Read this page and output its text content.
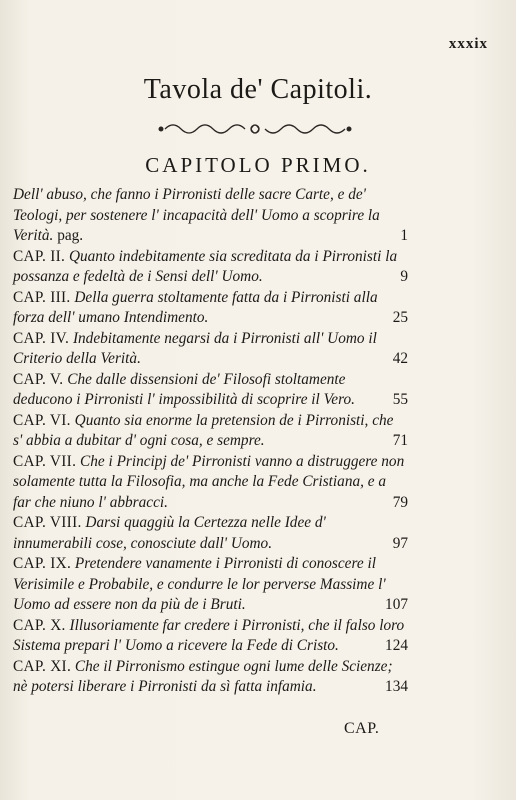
xxxix
Tavola de' Capitoli.
CAPITOLO PRIMO.

Dell' abuso, che fanno i Pirronisti delle sacre Carte, e de' Teologi, per sostenere l' incapacità dell' Uomo a scoprire la Verità. pag.	1

CAP. II. Quanto indebitamente sia screditata da i Pirronisti la possanza e fedeltà de i Sensi dell' Uomo.	9

CAP. III. Della guerra stoltamente fatta da i Pirronisti alla forza dell' umano Intendimento.	25

CAP. IV. Indebitamente negarsi da i Pirronisti all' Uomo il Criterio della Verità.	42

CAP. V. Che dalle dissensioni de' Filosofi stoltamente deducono i Pirronisti l' impossibilità di scoprire il Vero. 55

CAP. VI. Quanto sia enorme la pretension de i Pirronisti, che s' abbia a dubitar d' ogni cosa, e sempre.	71

CAP. VII. Che i Principj de' Pirronisti vanno a distruggere non solamente tutta la Filosofia, ma anche la Fede Cristiana, e a far che niuno l' abbracci.	79

CAP. VIII. Darsi quaggiù la Certezza nelle Idee d' innumerabili cose, conosciute dall' Uomo.	97

CAP. IX. Pretendere vanamente i Pirronisti di conoscere il Verisimile e Probabile, e condurre le lor perverse Massime l' Uomo ad essere non da più de i Bruti.	107

CAP. X. Illusoriamente far credere i Pirronisti, che il falso loro Sistema prepari l' Uomo a ricevere la Fede di Cristo.	124

CAP. XI. Che il Pirronismo estingue ogni lume delle Scienze; nè potersi liberare i Pirronisti da sì fatta infamia.	134

CAP.
